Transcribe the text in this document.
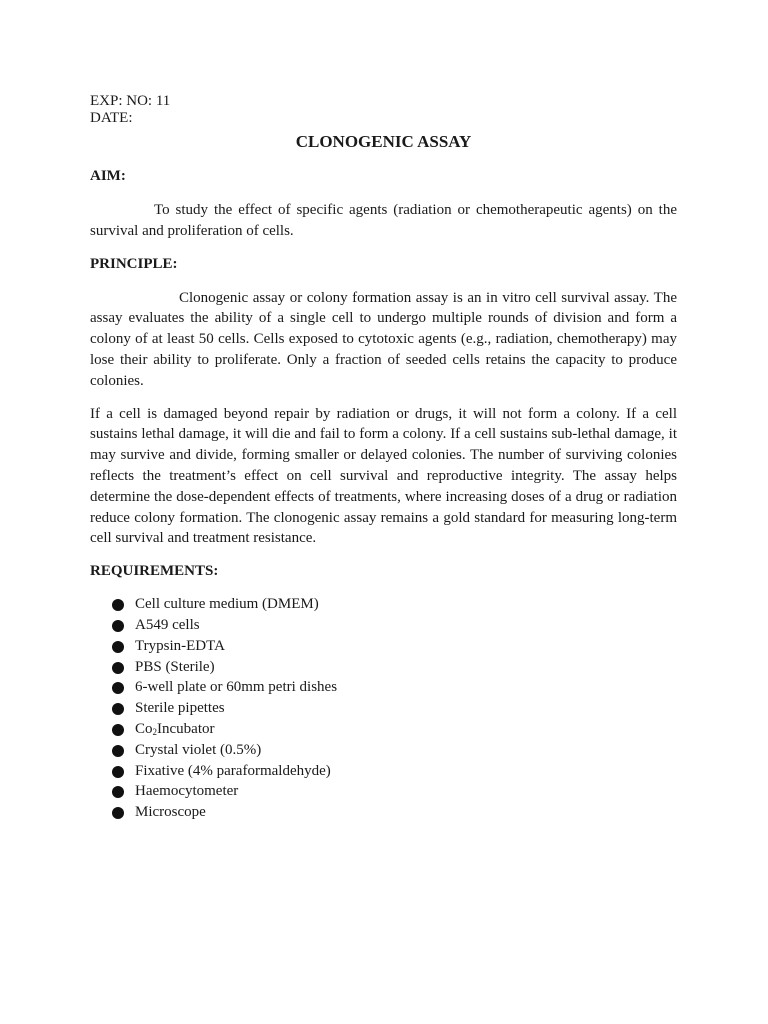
EXP: NO: 11

DATE:

CLONOGENIC ASSAY

AIM:

To study the effect of specific agents (radiation or chemotherapeutic agents) on the survival and proliferation of cells.

PRINCIPLE:

Clonogenic assay or colony formation assay is an in vitro cell survival assay. The assay evaluates the ability of a single cell to undergo multiple rounds of division and form a colony of at least 50 cells. Cells exposed to cytotoxic agents (e.g., radiation, chemotherapy) may lose their ability to proliferate. Only a fraction of seeded cells retains the capacity to produce colonies.

If a cell is damaged beyond repair by radiation or drugs, it will not form a colony. If a cell sustains lethal damage, it will die and fail to form a colony. If a cell sustains sub-lethal damage, it may survive and divide, forming smaller or delayed colonies. The number of surviving colonies reflects the treatment’s effect on cell survival and reproductive integrity. The assay helps determine the dose-dependent effects of treatments, where increasing doses of a drug or radiation reduce colony formation. The clonogenic assay remains a gold standard for measuring long-term cell survival and treatment resistance.

REQUIREMENTS:

Cell culture medium (DMEM)
A549 cells
Trypsin-EDTA
PBS (Sterile)
6-well plate or 60mm petri dishes
Sterile pipettes
$Co_2Incubator$
Crystal violet (0.5%)
Fixative (4% paraformaldehyde)
Haemocytometer
Microscope
